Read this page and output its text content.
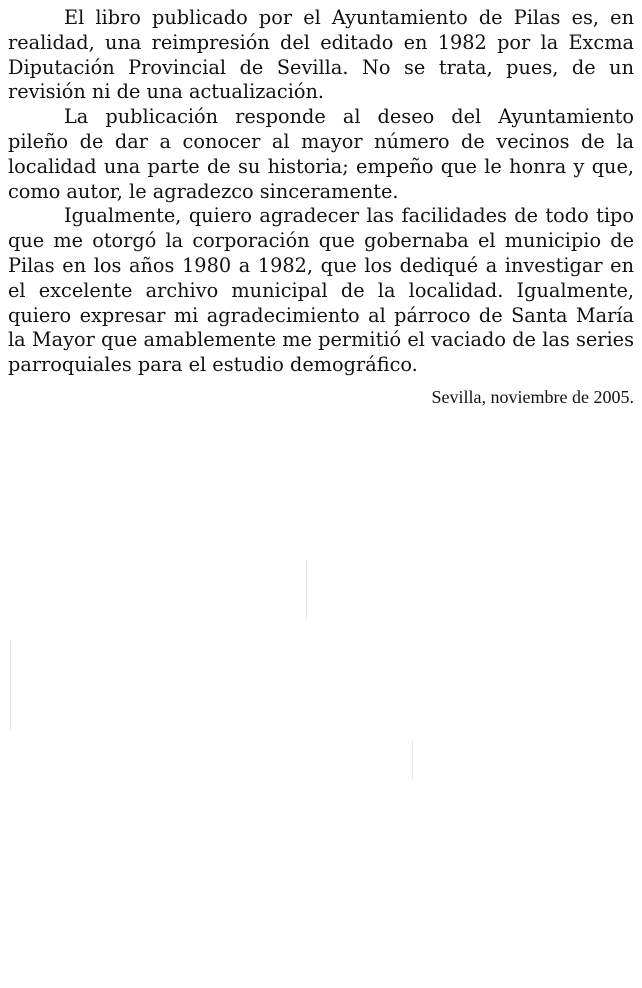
El libro publicado por el Ayuntamiento de Pilas es, en realidad, una reimpresión del editado en 1982 por la Excma Diputación Provincial de Sevilla. No se trata, pues, de un revisión ni de una actualización.

La publicación responde al deseo del Ayuntamiento pileño de dar a conocer al mayor número de vecinos de la localidad una parte de su historia; empeño que le honra y que, como autor, le agradezco sinceramente.

Igualmente, quiero agradecer las facilidades de todo tipo que me otorgó la corporación que gobernaba el municipio de Pilas en los años 1980 a 1982, que los dediqué a investigar en el excelente archivo municipal de la localidad. Igualmente, quiero expresar mi agradecimiento al párroco de Santa María la Mayor que amablemente me permitió el vaciado de las series parroquiales para el estudio demográfico.

Sevilla, noviembre de 2005.
